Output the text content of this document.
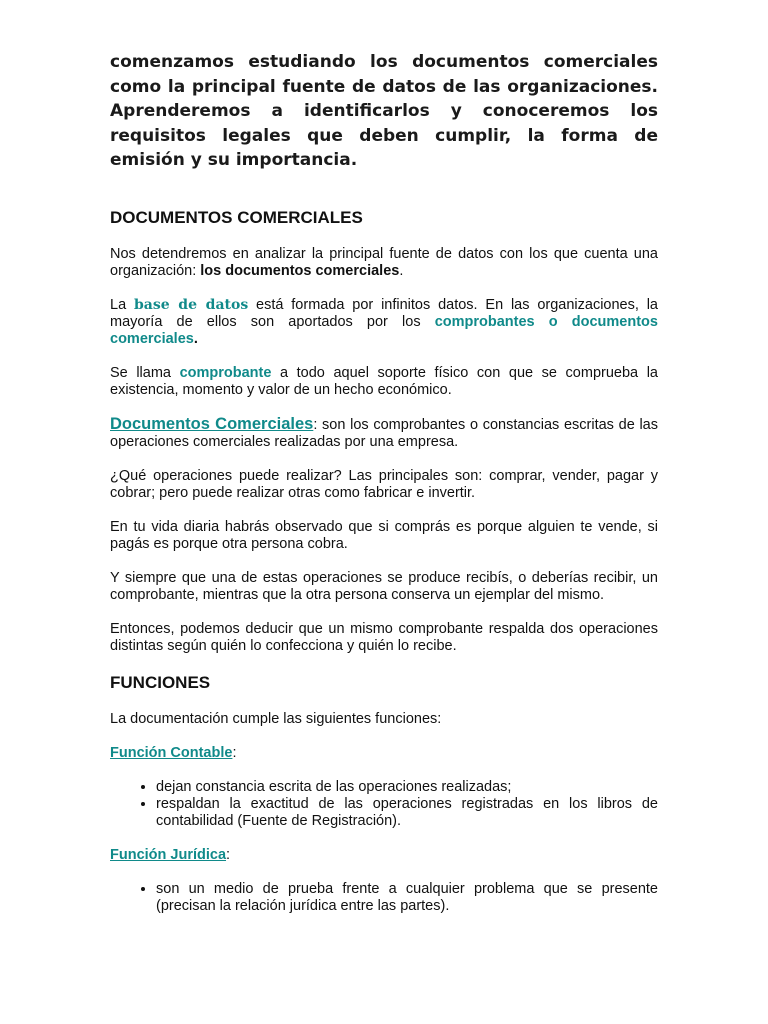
comenzamos estudiando los documentos comerciales como la principal fuente de datos de las organizaciones. Aprenderemos a identificarlos y conoceremos los requisitos legales que deben cumplir, la forma de emisión y su importancia.

DOCUMENTOS COMERCIALES

Nos detendremos en analizar la principal fuente de datos con los que cuenta una organización: los documentos comerciales.

La base de datos está formada por infinitos datos. En las organizaciones, la mayoría de ellos son aportados por los comprobantes o documentos comerciales.

Se llama comprobante a todo aquel soporte físico con que se comprueba la existencia, momento y valor de un hecho económico.

Documentos Comerciales: son los comprobantes o constancias escritas de las operaciones comerciales realizadas por una empresa.

¿Qué operaciones puede realizar? Las principales son: comprar, vender, pagar y cobrar; pero puede realizar otras como fabricar e invertir.

En tu vida diaria habrás observado que si comprás es porque alguien te vende, si pagás es porque otra persona cobra.

Y siempre que una de estas operaciones se produce recibís, o deberías recibir, un comprobante, mientras que la otra persona conserva un ejemplar del mismo.

Entonces, podemos deducir que un mismo comprobante respalda dos operaciones distintas según quién lo confecciona y quién lo recibe.

FUNCIONES

La documentación cumple las siguientes funciones:

Función Contable:

• dejan constancia escrita de las operaciones realizadas;
• respaldan la exactitud de las operaciones registradas en los libros de contabilidad (Fuente de Registración).

Función Jurídica:

• son un medio de prueba frente a cualquier problema que se presente (precisan la relación jurídica entre las partes).
